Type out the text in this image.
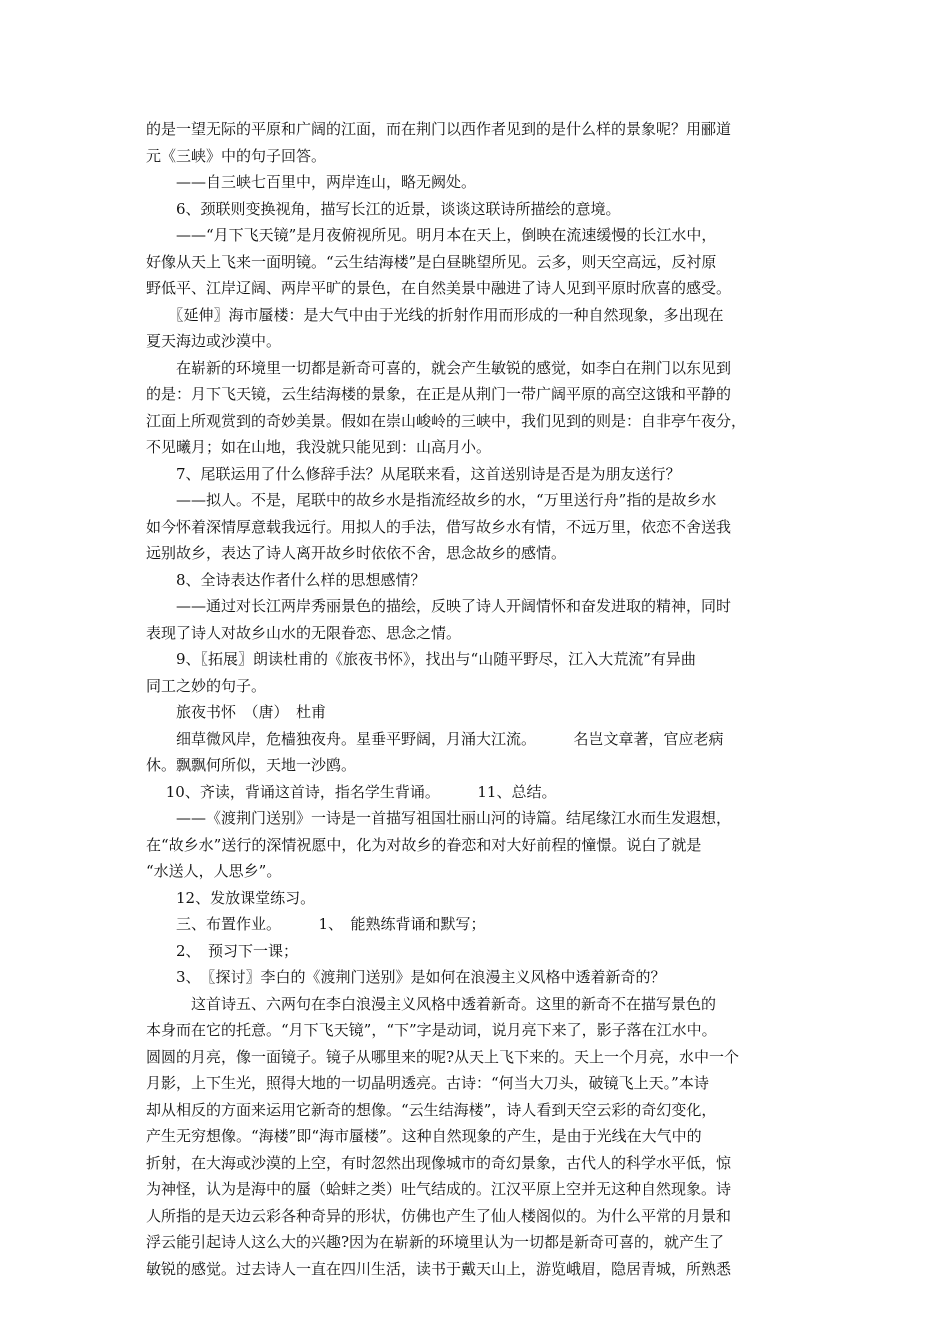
的是一望无际的平原和广阔的江面，而在荆门以西作者见到的是什么样的景象呢？用郦道
元《三峡》中的句子回答。
　　——自三峡七百里中，两岸连山，略无阙处。
　　6、颈联则变换视角，描写长江的近景，谈谈这联诗所描绘的意境。
　　——“月下飞天镜”是月夜俯视所见。明月本在天上，倒映在流速缓慢的长江水中，
好像从天上飞来一面明镜。“云生结海楼”是白昼眺望所见。云多，则天空高远，反衬原
野低平、江岸辽阔、两岸平旷的景色，在自然美景中融进了诗人见到平原时欣喜的感受。
　　〖延伸〗海市蜃楼：是大气中由于光线的折射作用而形成的一种自然现象，多出现在
夏天海边或沙漠中。
　　在崭新的环境里一切都是新奇可喜的，就会产生敏锐的感觉，如李白在荆门以东见到
的是：月下飞天镜，云生结海楼的景象，在正是从荆门一带广阔平原的高空这饿和平静的
江面上所观赏到的奇妙美景。假如在崇山峻岭的三峡中，我们见到的则是：自非亭午夜分，
不见曦月；如在山地，我没就只能见到：山高月小。
　　7、尾联运用了什么修辞手法？从尾联来看，这首送别诗是否是为朋友送行？
　　——拟人。不是，尾联中的故乡水是指流经故乡的水，“万里送行舟”指的是故乡水
如今怀着深情厚意载我远行。用拟人的手法，借写故乡水有情，不远万里，依恋不舍送我
远别故乡，表达了诗人离开故乡时依依不舍，思念故乡的感情。
　　8、全诗表达作者什么样的思想感情？
　　——通过对长江两岸秀丽景色的描绘，反映了诗人开阔情怀和奋发进取的精神，同时
表现了诗人对故乡山水的无限眷恋、思念之情。
　　9、〖拓展〗朗读杜甫的《旅夜书怀》，找出与“山随平野尽，江入大荒流”有异曲
同工之妙的句子。
　　旅夜书怀　（唐）　杜甫
　　细草微风岸，危樯独夜舟。星垂平野阔，月涌大江流。　　　名岂文章著，官应老病
休。飘飘何所似，天地一沙鸥。
　 10、齐读，背诵这首诗，指名学生背诵。　　　11、总结。
　　——《渡荆门送别》一诗是一首描写祖国壮丽山河的诗篇。结尾缘江水而生发遐想，
在“故乡水”送行的深情祝愿中，化为对故乡的眷恋和对大好前程的憧憬。说白了就是
“水送人，人思乡”。
　　12、发放课堂练习。
　　三、布置作业。　　　1、　能熟练背诵和默写；
　　2、　预习下一课；
　　3、　〖探讨〗李白的《渡荆门送别》是如何在浪漫主义风格中透着新奇的？
　　　这首诗五、六两句在李白浪漫主义风格中透着新奇。这里的新奇不在描写景色的
本身而在它的托意。“月下飞天镜”，“下”字是动词，说月亮下来了，影子落在江水中。
圆圆的月亮，像一面镜子。镜子从哪里来的呢?从天上飞下来的。天上一个月亮，水中一个
月影，上下生光，照得大地的一切晶明透亮。古诗：“何当大刀头，破镜飞上天。”本诗
却从相反的方面来运用它新奇的想像。“云生结海楼”，诗人看到天空云彩的奇幻变化，
产生无穷想像。“海楼”即“海市蜃楼”。这种自然现象的产生，是由于光线在大气中的
折射，在大海或沙漠的上空，有时忽然出现像城市的奇幻景象，古代人的科学水平低，惊
为神怪，认为是海中的蜃（蛤蚌之类）吐气结成的。江汉平原上空并无这种自然现象。诗
人所指的是天边云彩各种奇异的形状，仿佛也产生了仙人楼阁似的。为什么平常的月景和
浮云能引起诗人这么大的兴趣?因为在崭新的环境里认为一切都是新奇可喜的，就产生了
敏锐的感觉。过去诗人一直在四川生活，读书于戴天山上，游览峨眉，隐居青城，所熟悉
